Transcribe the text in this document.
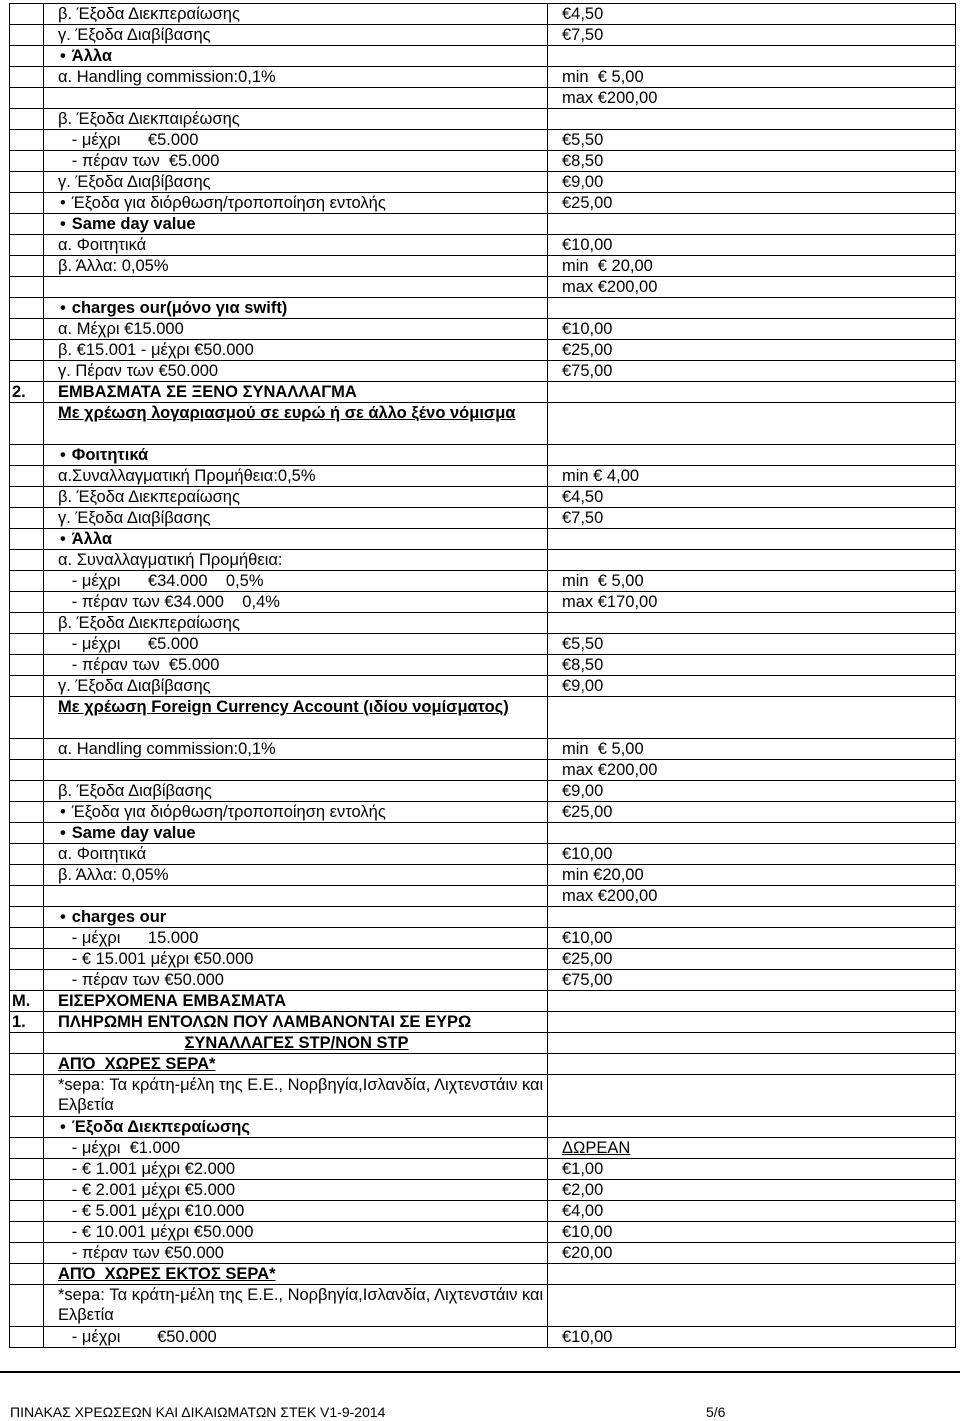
	β. Έξοδα Διεκπεραίωσης	€4,50
	γ. Έξοδα Διαβίβασης	€7,50
	• Άλλα	
	α. Handling commission:0,1%	min  € 5,00
		max €200,00
	β. Έξοδα Διεκπαιρέωσης	
	- μέχρι      €5.000	€5,50
	- πέραν των  €5.000	€8,50
	γ. Έξοδα Διαβίβασης	€9,00
	• Έξοδα για διόρθωση/τροποποίηση εντολής	€25,00
	• Same day value	
	α. Φοιτητικά	€10,00
	β. Άλλα: 0,05%	min  € 20,00
		max €200,00
	• charges our(μόνο για swift)	
	α. Μέχρι €15.000	€10,00
	β. €15.001 - μέχρι €50.000	€25,00
	γ. Πέραν των €50.000	€75,00
2.	ΕΜΒΑΣΜΑΤΑ ΣΕ ΞΕΝΟ ΣΥΝΑΛΛΑΓΜΑ	
	Με χρέωση λογαριασμού σε ευρώ ή σε άλλο ξένο νόμισμα	
	• Φοιτητικά	
	α.Συναλλαγματική Προμήθεια:0,5%	min € 4,00
	β. Έξοδα Διεκπεραίωσης	€4,50
	γ. Έξοδα Διαβίβασης	€7,50
	• Άλλα	
	α. Συναλλαγματική Προμήθεια:	
	- μέχρι      €34.000    0,5%	min  € 5,00
	- πέραν των €34.000    0,4%	max €170,00
	β. Έξοδα Διεκπεραίωσης	
	- μέχρι      €5.000	€5,50
	- πέραν των  €5.000	€8,50
	γ. Έξοδα Διαβίβασης	€9,00
	Με χρέωση Foreign Currency Account (ιδίου νομίσματος)	
	α. Handling commission:0,1%	min  € 5,00
		max €200,00
	β. Έξοδα Διαβίβασης	€9,00
	• Έξοδα για διόρθωση/τροποποίηση εντολής	€25,00
	• Same day value	
	α. Φοιτητικά	€10,00
	β. Άλλα: 0,05%	min €20,00
		max €200,00
	• charges our	
	- μέχρι      15.000	€10,00
	- € 15.001 μέχρι €50.000	€25,00
	- πέραν των €50.000	€75,00
Μ.	ΕΙΣΕΡΧΟΜΕΝΑ ΕΜΒΑΣΜΑΤΑ	
1.	ΠΛΗΡΩΜΗ ΕΝΤΟΛΩΝ ΠΟΥ ΛΑΜΒΑΝΟΝΤΑΙ ΣΕ ΕΥΡΩ	
	ΣΥΝΑΛΛΑΓΕΣ STP/NON STP	
	ΑΠΌ  ΧΩΡΕΣ SEPA*	
	*sepa: Τα κράτη-μέλη της Ε.Ε., Νορβηγία,Ισλανδία, Λιχτενστάιν και Ελβετία	
	• Έξοδα Διεκπεραίωσης	
	- μέχρι  €1.000	ΔΩΡΕΑΝ
	- € 1.001 μέχρι €2.000	€1,00
	- € 2.001 μέχρι €5.000	€2,00
	- € 5.001 μέχρι €10.000	€4,00
	- € 10.001 μέχρι €50.000	€10,00
	- πέραν των €50.000	€20,00
	ΑΠΌ  ΧΩΡΕΣ ΕΚΤΟΣ SEPA*	
	*sepa: Τα κράτη-μέλη της Ε.Ε., Νορβηγία,Ισλανδία, Λιχτενστάιν και Ελβετία	
	- μέχρι        €50.000	€10,00
ΠΙΝΑΚΑΣ ΧΡΕΩΣΕΩΝ ΚΑΙ ΔΙΚΑΙΩΜΑΤΩΝ ΣΤΕΚ V1-9-2014	5/6
